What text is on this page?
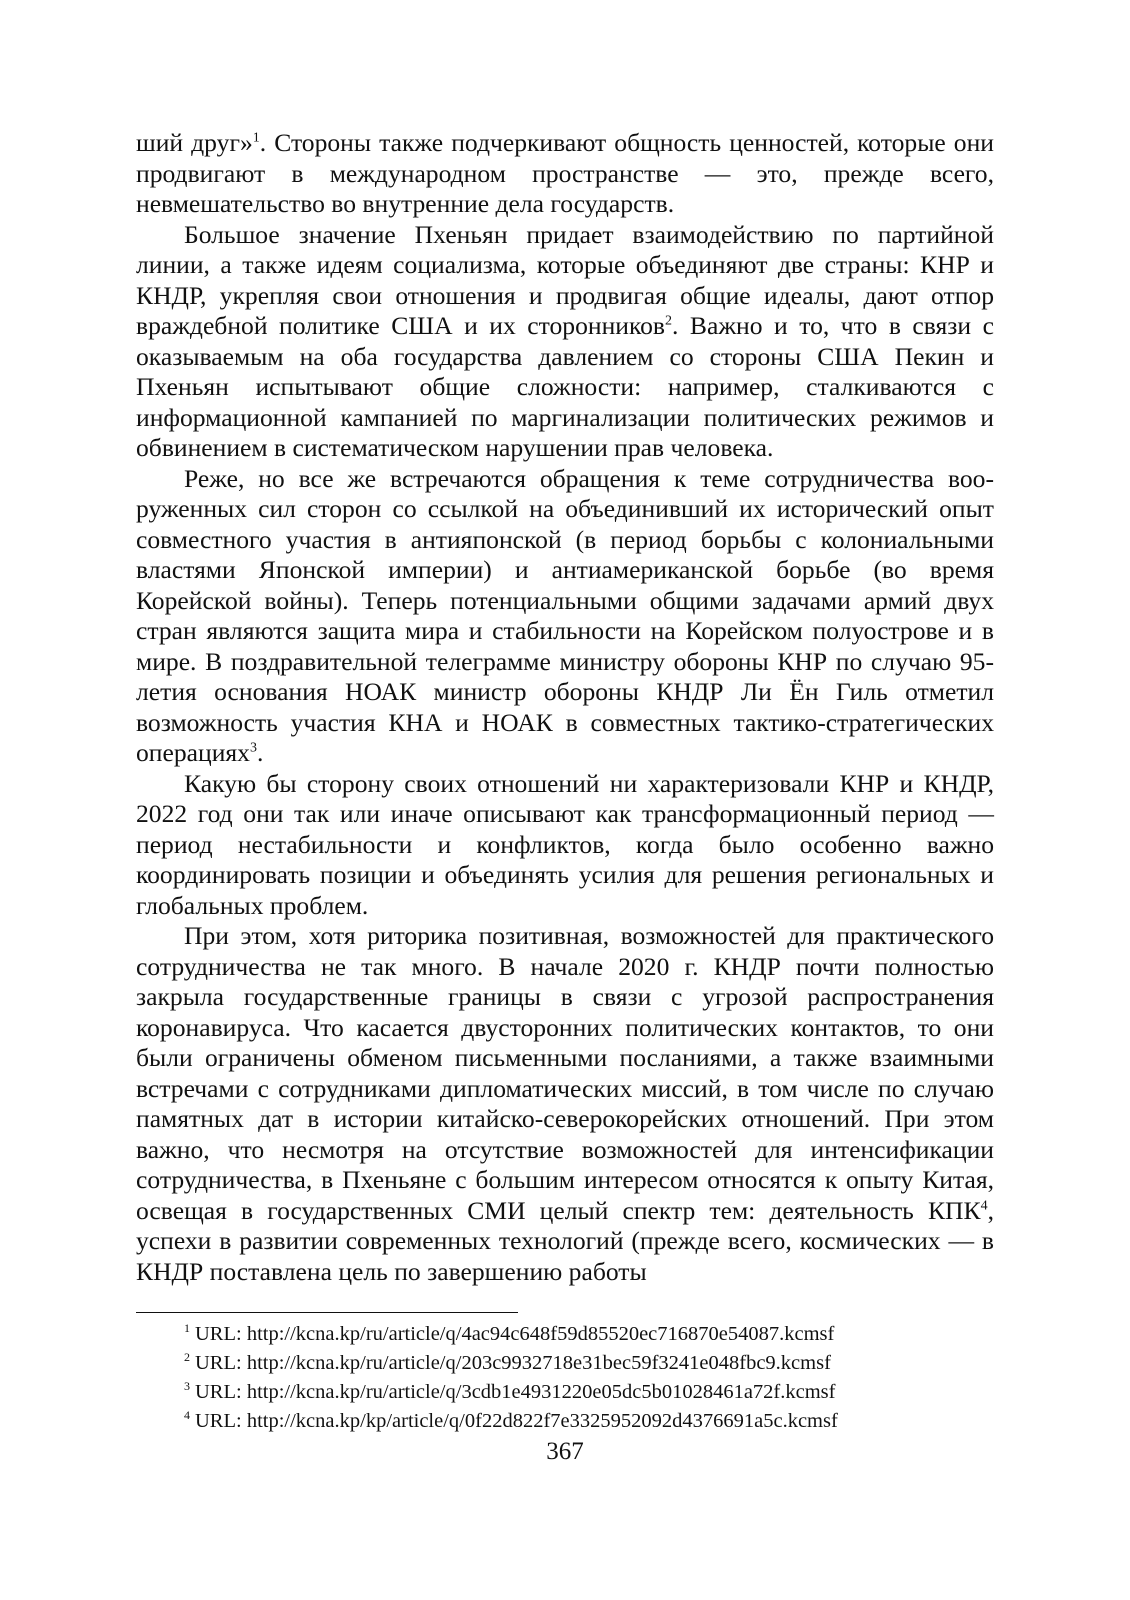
ший друг»$^1$. Стороны также подчеркивают общность ценностей, которые они продвигают в международном пространстве — это, прежде всего, невмешательство во внутренние дела государств.

Большое значение Пхеньян придает взаимодействию по партийной линии, а также идеям социализма, которые объединяют две страны: КНР и КНДР, укрепляя свои отношения и продвигая общие идеалы, дают отпор враждебной политике США и их сторонников$^2$. Важно и то, что в связи с оказываемым на оба государства давлением со стороны США Пекин и Пхеньян испытывают общие сложности: например, сталкиваются с информационной кампанией по маргинализации политических режимов и обвинением в систематическом нарушении прав человека.

Реже, но все же встречаются обращения к теме сотрудничества вооруженных сил сторон со ссылкой на объединивший их исторический опыт совместного участия в антияпонской (в период борьбы с колониальными властями Японской империи) и антиамериканской борьбе (во время Корейской войны). Теперь потенциальными общими задачами армий двух стран являются защита мира и стабильности на Корейском полуострове и в мире. В поздравительной телеграмме министру обороны КНР по случаю 95-летия основания НОАК министр обороны КНДР Ли Ён Гиль отметил возможность участия КНА и НОАК в совместных тактико-стратегических операциях$^3$.

Какую бы сторону своих отношений ни характеризовали КНР и КНДР, 2022 год они так или иначе описывают как трансформационный период — период нестабильности и конфликтов, когда было особенно важно координировать позиции и объединять усилия для решения региональных и глобальных проблем.

При этом, хотя риторика позитивная, возможностей для практического сотрудничества не так много. В начале 2020 г. КНДР почти полностью закрыла государственные границы в связи с угрозой распространения коронавируса. Что касается двусторонних политических контактов, то они были ограничены обменом письменными посланиями, а также взаимными встречами с сотрудниками дипломатических миссий, в том числе по случаю памятных дат в истории китайско-северокорейских отношений. При этом важно, что несмотря на отсутствие возможностей для интенсификации сотрудничества, в Пхеньяне с большим интересом относятся к опыту Китая, освещая в государственных СМИ целый спектр тем: деятельность КПК$^4$, успехи в развитии современных технологий (прежде всего, космических — в КНДР поставлена цель по завершению работы

$^1$ URL: http://kcna.kp/ru/article/q/4ac94c648f59d85520ec716870e54087.kcmsf
$^2$ URL: http://kcna.kp/ru/article/q/203c9932718e31bec59f3241e048fbc9.kcmsf
$^3$ URL: http://kcna.kp/ru/article/q/3cdb1e4931220e05dc5b01028461a72f.kcmsf
$^4$ URL: http://kcna.kp/kp/article/q/0f22d822f7e3325952092d4376691a5c.kcmsf
367
